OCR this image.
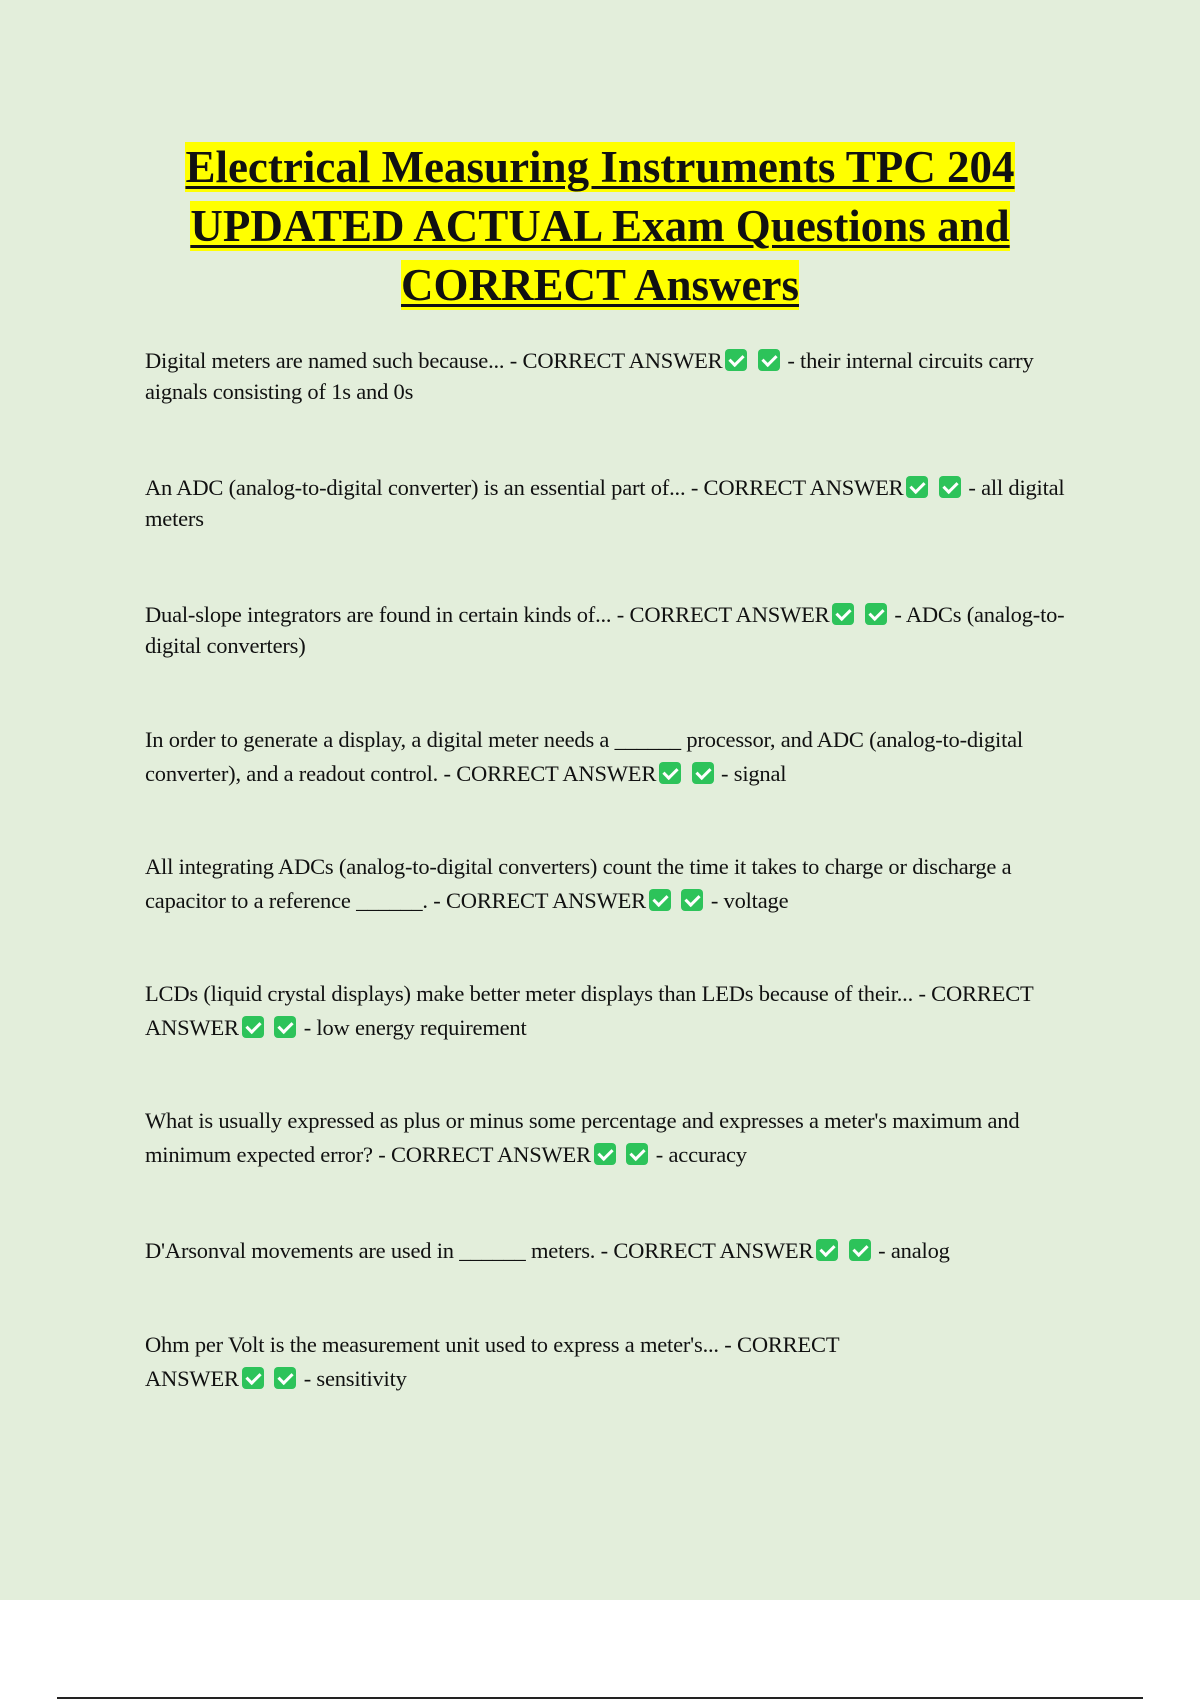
Electrical Measuring Instruments TPC 204
UPDATED ACTUAL Exam Questions and
CORRECT Answers

Digital meters are named such because... - CORRECT ANSWER	- their internal circuits carry aignals consisting of 1s and 0s

An ADC (analog-to-digital converter) is an essential part of... - CORRECT ANSWER	- all digital meters

Dual-slope integrators are found in certain kinds of... - CORRECT ANSWER	- ADCs (analog-to-digital converters)

In order to generate a display, a digital meter needs a ______ processor, and ADC (analog-to-digital converter), and a readout control. - CORRECT ANSWER	- signal

All integrating ADCs (analog-to-digital converters) count the time it takes to charge or discharge a capacitor to a reference ______. - CORRECT ANSWER	- voltage

LCDs (liquid crystal displays) make better meter displays than LEDs because of their... - CORRECT ANSWER	- low energy requirement

What is usually expressed as plus or minus some percentage and expresses a meter's maximum and minimum expected error? - CORRECT ANSWER	- accuracy

D'Arsonval movements are used in ______ meters. - CORRECT ANSWER	- analog

Ohm per Volt is the measurement unit used to express a meter's... - CORRECT
ANSWER	- sensitivity
